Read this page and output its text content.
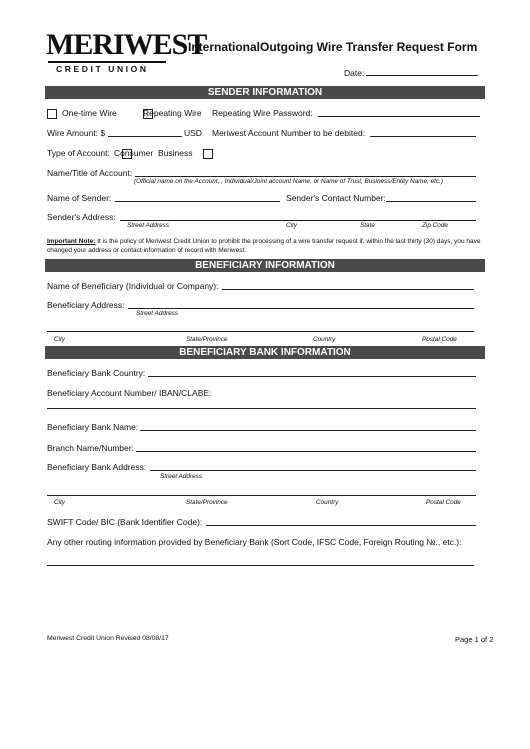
MERIWEST
CREDIT UNION
InternationalOutgoing Wire Transfer Request Form
Date:
SENDER INFORMATION
One-time Wire	Repeating Wire Repeating Wire Password:
Wire Amount: $	USD Meriwest Account Number to be debited:
Type of Account: Consumer Business
Name/Title of Account:
(Official name on the Account, , Individual/Joint account Name, or Name of Trust, Business/Entity Name, etc.)
Name of Sender:	Sender's Contact Number:
Sender's Address:
Street Address	City	State	Zip Code
Important Note: It is the policy of Meriwest Credit Union to prohibit the processing of a wire transfer request if, within the last thirty (30) days, you have changed your address or contact information of record with Meriwest.
BENEFICIARY INFORMATION
Name of Beneficiary (Individual or Company):
Beneficiary Address:
Street Address
City	State/Province	Country	Postal Code
BENEFICIARY BANK INFORMATION
Beneficiary Bank Country:
Beneficiary Account Number/ IBAN/CLABE:
Beneficiary Bank Name:
Branch Name/Number:
Beneficiary Bank Address:
Street Address
City	State/Province	Country	Postal Code
SWIFT Code/ BIC (Bank Identifier Code):
Any other routing information provided by Beneficiary Bank (Sort Code, IFSC Code, Foreign Routing №., etc.):
Meriwest Credit Union Revised 08/08/17	Page 1 of 2
